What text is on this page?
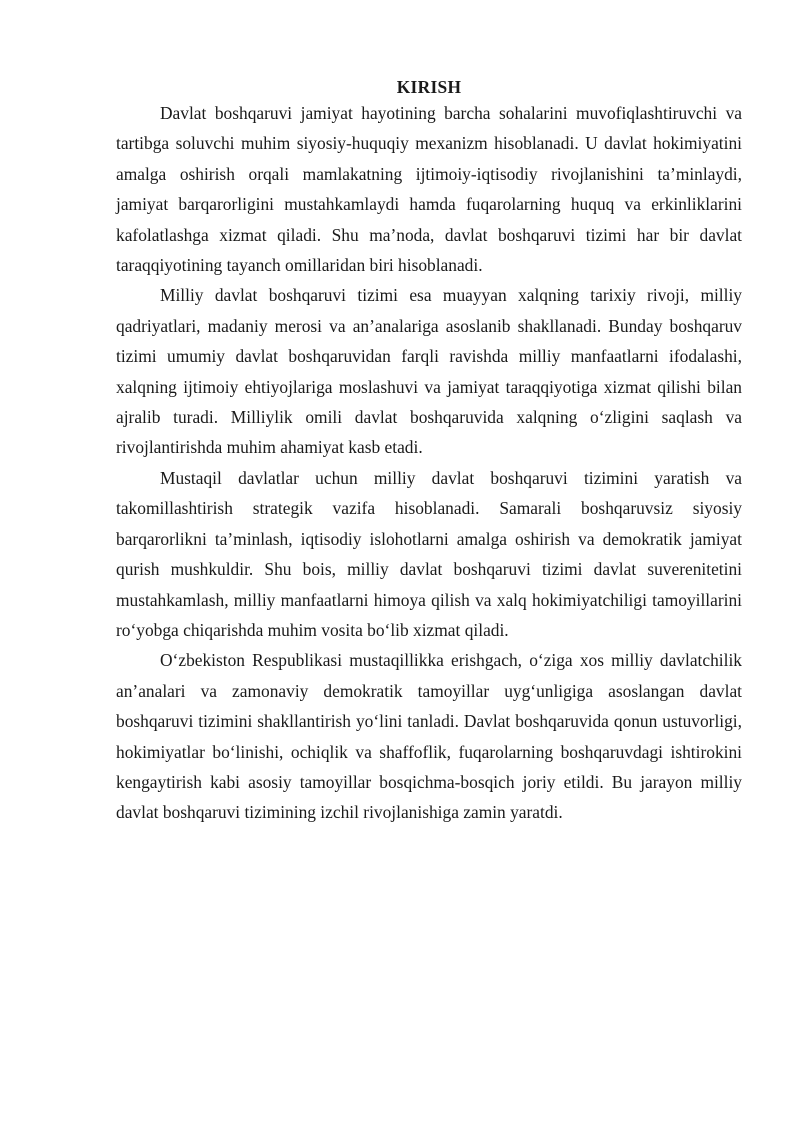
KIRISH

Davlat boshqaruvi jamiyat hayotining barcha sohalarini muvofiqlashtiruvchi va tartibga soluvchi muhim siyosiy-huquqiy mexanizm hisoblanadi. U davlat hokimiyatini amalga oshirish orqali mamlakatning ijtimoiy-iqtisodiy rivojlanishini ta’minlaydi, jamiyat barqarorligini mustahkamlaydi hamda fuqarolarning huquq va erkinliklarini kafolatlashga xizmat qiladi. Shu ma’noda, davlat boshqaruvi tizimi har bir davlat taraqqiyotining tayanch omillaridan biri hisoblanadi.

Milliy davlat boshqaruvi tizimi esa muayyan xalqning tarixiy rivoji, milliy qadriyatlari, madaniy merosi va an’analariga asoslanib shakllanadi. Bunday boshqaruv tizimi umumiy davlat boshqaruvidan farqli ravishda milliy manfaatlarni ifodalashi, xalqning ijtimoiy ehtiyojlariga moslashuvi va jamiyat taraqqiyotiga xizmat qilishi bilan ajralib turadi. Milliylik omili davlat boshqaruvida xalqning o‘zligini saqlash va rivojlantirishda muhim ahamiyat kasb etadi.

Mustaqil davlatlar uchun milliy davlat boshqaruvi tizimini yaratish va takomillashtirish strategik vazifa hisoblanadi. Samarali boshqaruvsiz siyosiy barqarorlikni ta’minlash, iqtisodiy islohotlarni amalga oshirish va demokratik jamiyat qurish mushkuldir. Shu bois, milliy davlat boshqaruvi tizimi davlat suverenitetini mustahkamlash, milliy manfaatlarni himoya qilish va xalq hokimiyatchiligi tamoyillarini ro‘yobga chiqarishda muhim vosita bo‘lib xizmat qiladi.

O‘zbekiston Respublikasi mustaqillikka erishgach, o‘ziga xos milliy davlatchilik an’analari va zamonaviy demokratik tamoyillar uyg‘unligiga asoslangan davlat boshqaruvi tizimini shakllantirish yo‘lini tanladi. Davlat boshqaruvida qonun ustuvorligi, hokimiyatlar bo‘linishi, ochiqlik va shaffoflik, fuqarolarning boshqaruvdagi ishtirokini kengaytirish kabi asosiy tamoyillar bosqichma-bosqich joriy etildi. Bu jarayon milliy davlat boshqaruvi tizimining izchil rivojlanishiga zamin yaratdi.
